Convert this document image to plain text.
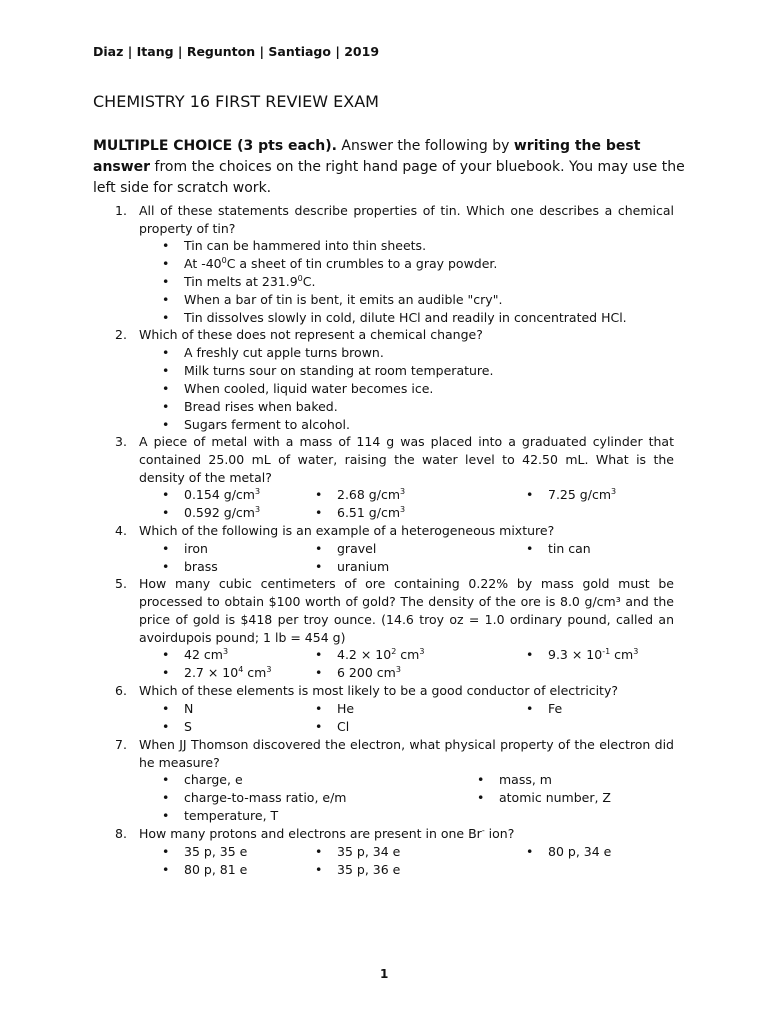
Diaz | Itang | Regunton | Santiago | 2019
CHEMISTRY 16 FIRST REVIEW EXAM
MULTIPLE CHOICE (3 pts each). Answer the following by writing the best answer from the choices on the right hand page of your bluebook. You may use the left side for scratch work.
1. All of these statements describe properties of tin. Which one describes a chemical property of tin?
• Tin can be hammered into thin sheets.
• At $-40^0C$ a sheet of tin crumbles to a gray powder.
• Tin melts at 231.9$^0$C.
• When a bar of tin is bent, it emits an audible "cry".
• Tin dissolves slowly in cold, dilute HCl and readily in concentrated HCl.
2. Which of these does not represent a chemical change?
• A freshly cut apple turns brown.
• Milk turns sour on standing at room temperature.
• When cooled, liquid water becomes ice.
• Bread rises when baked.
• Sugars ferment to alcohol.
3. A piece of metal with a mass of 114 g was placed into a graduated cylinder that contained 25.00 mL of water, raising the water level to 42.50 mL. What is the density of the metal?
• 0.154 $g/cm^3$	• 2.68 $g/cm^3$	• 7.25 $g/cm^3$
• 0.592 $g/cm^3$	• 6.51 $g/cm^3$
4. Which of the following is an example of a heterogeneous mixture?
• iron	• gravel	• tin can
• brass	• uranium
5. How many cubic centimeters of ore containing 0.22% by mass gold must be processed to obtain $100 worth of gold? The density of the ore is 8.0 g/cm³ and the price of gold is $418 per troy ounce. (14.6 troy oz = 1.0 ordinary pound, called an avoirdupois pound; 1 lb = 454 g)
• 42 $cm^3$	• $4.2 \times 10^2$ $cm^3$	• $9.3 \times 10^{-1}$ $cm^3$
• $2.7 \times 10^4$ $cm^3$	• 6 200 $cm^3$
6. Which of these elements is most likely to be a good conductor of electricity?
• N	• He	• Fe
• S	• Cl
7. When JJ Thomson discovered the electron, what physical property of the electron did he measure?
• charge, e	• mass, m
• charge-to-mass ratio, e/m	• atomic number, Z
• temperature, T
8. How many protons and electrons are present in one Br- ion?
• 35 p, 35 e	• 35 p, 34 e	• 80 p, 34 e
• 80 p, 81 e	• 35 p, 36 e
1
